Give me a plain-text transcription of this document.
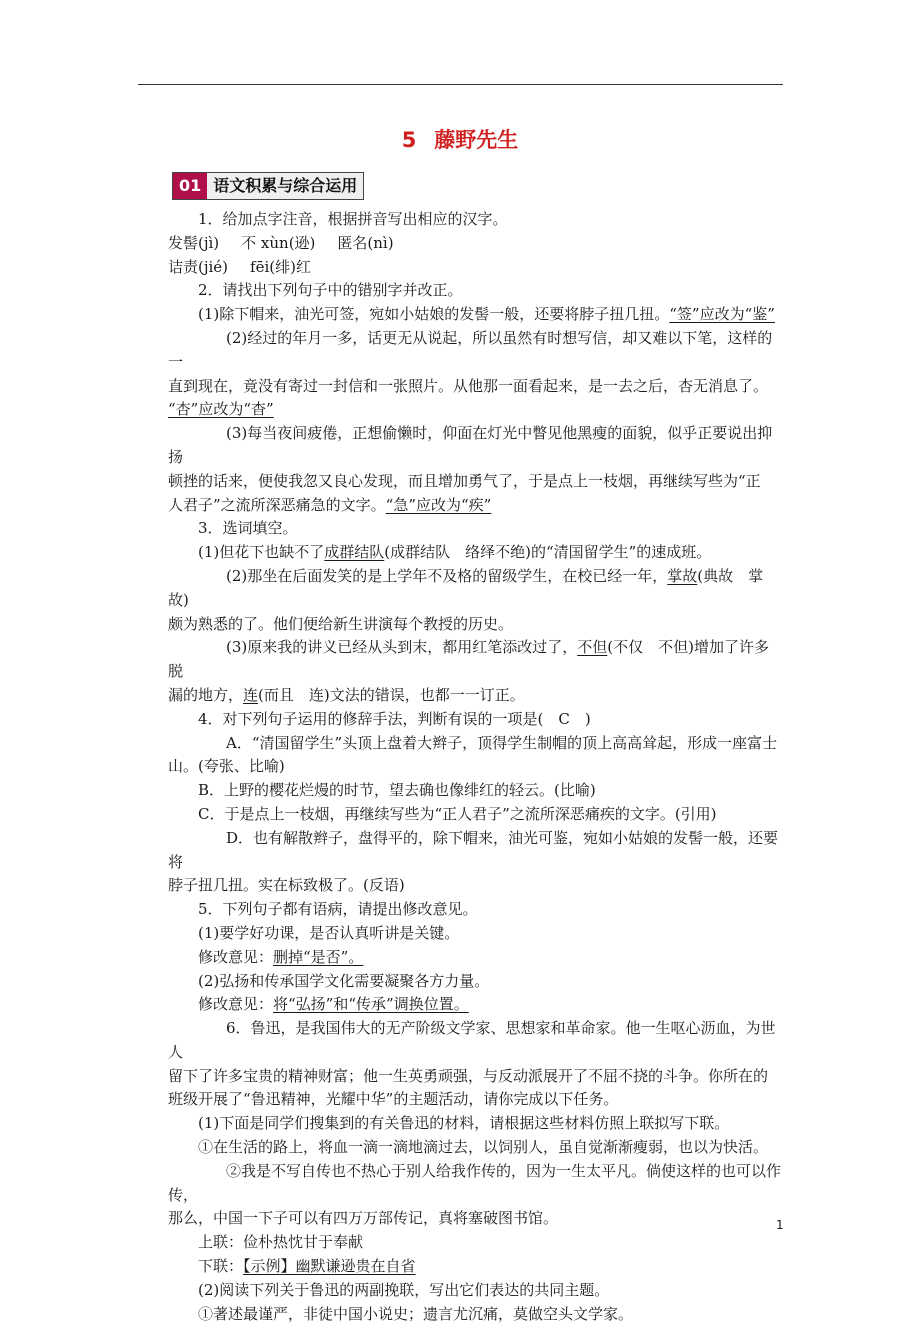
5 藤野先生
01 语文积累与综合运用

1．给加点字注音，根据拼音写出相应的汉字。

发髻(jì) 不 xùn(逊) 匿名(nì)

诘责(jié) fēi(绯)红

2．请找出下列句子中的错别字并改正。

(1)除下帽来，油光可签，宛如小姑娘的发髻一般，还要将脖子扭几扭。“签”应改为“鉴”

(2)经过的年月一多，话更无从说起，所以虽然有时想写信，却又难以下笔，这样的一

直到现在，竟没有寄过一封信和一张照片。从他那一面看起来，是一去之后，杏无消息了。

“杏”应改为“杳”

(3)每当夜间疲倦，正想偷懒时，仰面在灯光中瞥见他黑瘦的面貌，似乎正要说出抑扬

顿挫的话来，便使我忽又良心发现，而且增加勇气了，于是点上一枝烟，再继续写些为“正

人君子”之流所深恶痛急的文字。“急”应改为“疾”

3．选词填空。

(1)但花下也缺不了成群结队(成群结队　络绎不绝)的“清国留学生”的速成班。

(2)那坐在后面发笑的是上学年不及格的留级学生，在校已经一年，掌故(典故　掌故)

颇为熟悉的了。他们便给新生讲演每个教授的历史。

(3)原来我的讲义已经从头到末，都用红笔添改过了，不但(不仅　不但)增加了许多脱

漏的地方，连(而且　连)文法的错误，也都一一订正。

4．对下列句子运用的修辞手法，判断有误的一项是(　C　)

A．“清国留学生”头顶上盘着大辫子，顶得学生制帽的顶上高高耸起，形成一座富士

山。(夸张、比喻)

B．上野的樱花烂熳的时节，望去确也像绯红的轻云。(比喻)

C．于是点上一枝烟，再继续写些为“正人君子”之流所深恶痛疾的文字。(引用)

D．也有解散辫子，盘得平的，除下帽来，油光可鉴，宛如小姑娘的发髻一般，还要将

脖子扭几扭。实在标致极了。(反语)

5．下列句子都有语病，请提出修改意见。

(1)要学好功课，是否认真听讲是关键。

修改意见：删掉“是否”。

(2)弘扬和传承国学文化需要凝聚各方力量。

修改意见：将“弘扬”和“传承”调换位置。

6．鲁迅，是我国伟大的无产阶级文学家、思想家和革命家。他一生呕心沥血，为世人

留下了许多宝贵的精神财富；他一生英勇顽强，与反动派展开了不屈不挠的斗争。你所在的

班级开展了“鲁迅精神，光耀中华”的主题活动，请你完成以下任务。

(1)下面是同学们搜集到的有关鲁迅的材料，请根据这些材料仿照上联拟写下联。

①在生活的路上，将血一滴一滴地滴过去，以饲别人，虽自觉渐渐瘦弱，也以为快活。

②我是不写自传也不热心于别人给我作传的，因为一生太平凡。倘使这样的也可以作传，

那么，中国一下子可以有四万万部传记，真将塞破图书馆。

上联：俭朴热忱甘于奉献

下联：【示例】幽默谦逊贵在自省

(2)阅读下列关于鲁迅的两副挽联，写出它们表达的共同主题。

①著述最谨严，非徒中国小说史；遗言尤沉痛，莫做空头文学家。

1
